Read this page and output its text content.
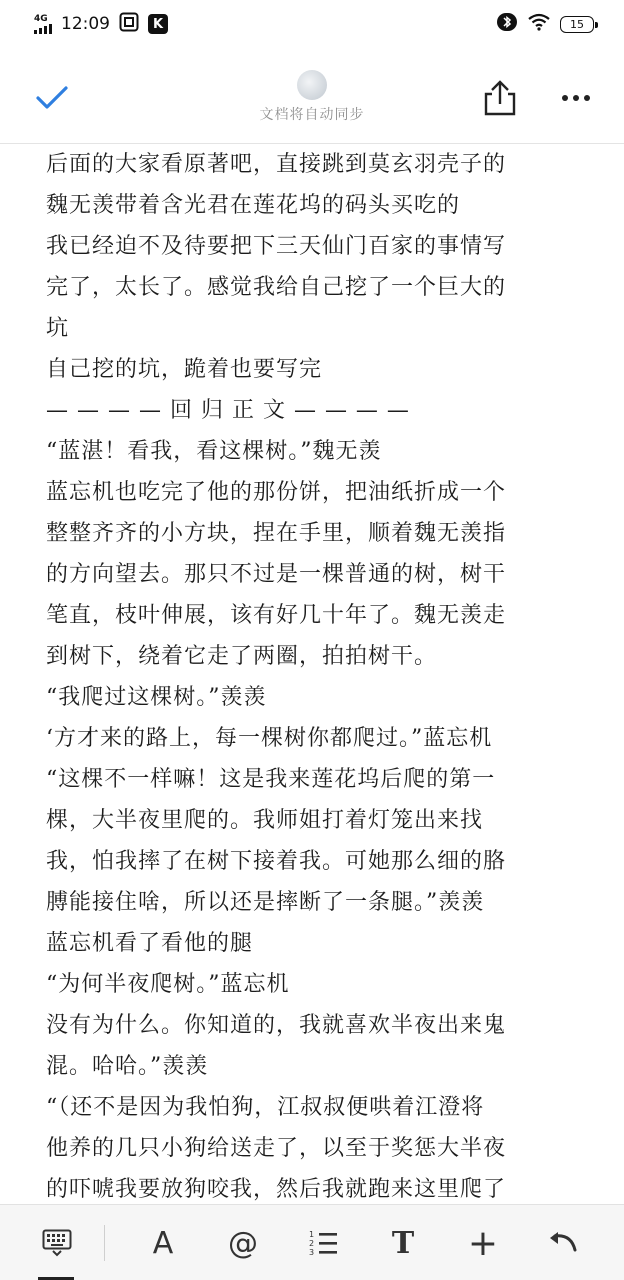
4G 12:09	K	15
文档将自动同步
后面的大家看原著吧，直接跳到莫玄羽壳子的
魏无羡带着含光君在莲花坞的码头买吃的
我已经迫不及待要把下三天仙门百家的事情写
完了，太长了。感觉我给自己挖了一个巨大的
坑
自己挖的坑，跪着也要写完
— — — — 回 归 正 文 — — — —
“蓝湛！看我，看这棵树。”魏无羡
蓝忘机也吃完了他的那份饼，把油纸折成一个
整整齐齐的小方块，捏在手里，顺着魏无羡指
的方向望去。那只不过是一棵普通的树，树干
笔直，枝叶伸展，该有好几十年了。魏无羡走
到树下，绕着它走了两圈，拍拍树干。
“我爬过这棵树。”羡羡
‘方才来的路上，每一棵树你都爬过。”蓝忘机
“这棵不一样嘛！这是我来莲花坞后爬的第一
棵，大半夜里爬的。我师姐打着灯笼出来找
我，怕我摔了在树下接着我。可她那么细的胳
膊能接住啥，所以还是摔断了一条腿。”羡羡
蓝忘机看了看他的腿
“为何半夜爬树。”蓝忘机
没有为什么。你知道的，我就喜欢半夜出来鬼
混。哈哈。”羡羡
“（还不是因为我怕狗，江叔叔便哄着江澄将
他养的几只小狗给送走了，以至于奖惩大半夜
的吓唬我要放狗咬我，然后我就跑来这里爬了
A @	1
2
3	T +
